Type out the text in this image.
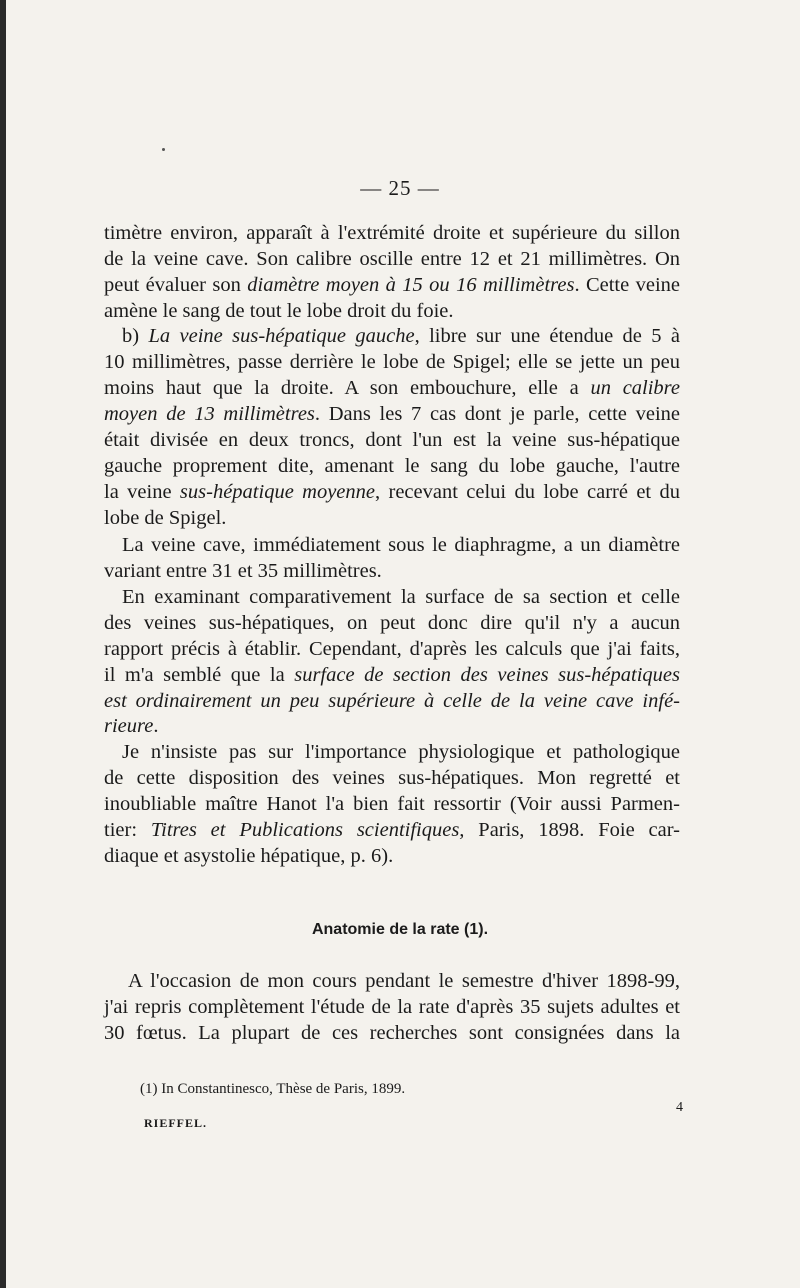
— 25 —
timètre environ, apparaît à l'extrémité droite et supérieure du sillon
de la veine cave. Son calibre oscille entre 12 et 21 millimètres. On
peut évaluer son diamètre moyen à 15 ou 16 millimètres. Cette veine
amène le sang de tout le lobe droit du foie.
b) La veine sus-hépatique gauche, libre sur une étendue de 5 à
10 millimètres, passe derrière le lobe de Spigel; elle se jette un peu
moins haut que la droite. A son embouchure, elle a un calibre
moyen de 13 millimètres. Dans les 7 cas dont je parle, cette veine
était divisée en deux troncs, dont l'un est la veine sus-hépatique
gauche proprement dite, amenant le sang du lobe gauche, l'autre
la veine sus-hépatique moyenne, recevant celui du lobe carré et du
lobe de Spigel.
La veine cave, immédiatement sous le diaphragme, a un diamètre
variant entre 31 et 35 millimètres.
En examinant comparativement la surface de sa section et celle
des veines sus-hépatiques, on peut donc dire qu'il n'y a aucun
rapport précis à établir. Cependant, d'après les calculs que j'ai faits,
il m'a semblé que la surface de section des veines sus-hépatiques
est ordinairement un peu supérieure à celle de la veine cave infé-
rieure.
Je n'insiste pas sur l'importance physiologique et pathologique
de cette disposition des veines sus-hépatiques. Mon regretté et
inoubliable maître Hanot l'a bien fait ressortir (Voir aussi Parmen-
tier: Titres et Publications scientifiques, Paris, 1898. Foie car-
diaque et asystolie hépatique, p. 6).
A l'occasion de mon cours pendant le semestre d'hiver 1898-99,
j'ai repris complètement l'étude de la rate d'après 35 sujets adultes et
30 fœtus. La plupart de ces recherches sont consignées dans la
Anatomie de la rate (1).
(1) In Constantinesco, Thèse de Paris, 1899.
RIEFFEL.
4
